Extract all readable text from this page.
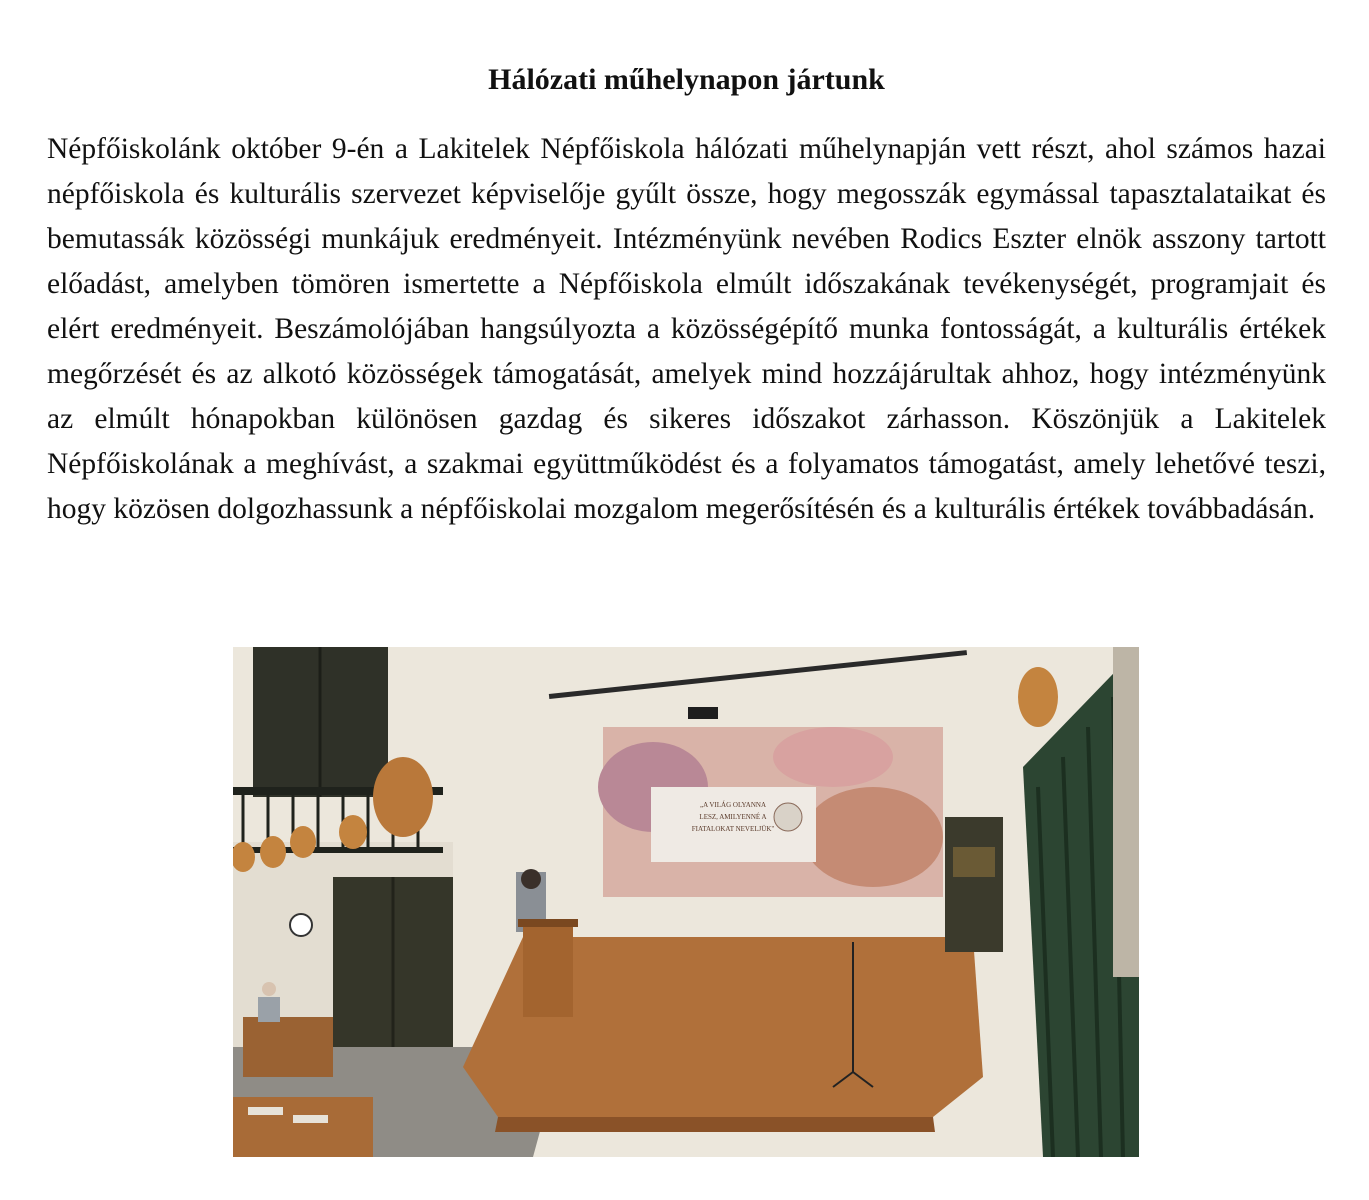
Hálózati műhelynapon jártunk

Népfőiskolánk október 9-én a Lakitelek Népfőiskola hálózati műhelynapján vett részt, ahol számos hazai népfőiskola és kulturális szervezet képviselője gyűlt össze, hogy megosszák egymással tapasztalataikat és bemutassák közösségi munkájuk eredményeit. Intézményünk nevében Rodics Eszter elnök asszony tartott előadást, amelyben tömören ismertette a Népfőiskola elmúlt időszakának tevékenységét, programjait és elért eredményeit. Beszámolójában hangsúlyozta a közösségépítő munka fontosságát, a kulturális értékek megőrzését és az alkotó közösségek támogatását, amelyek mind hozzájárultak ahhoz, hogy intézményünk az elmúlt hónapokban különösen gazdag és sikeres időszakot zárhasson. Köszönjük a Lakitelek Népfőiskolának a meghívást, a szakmai együttműködést és a folyamatos támogatást, amely lehetővé teszi, hogy közösen dolgozhassunk a népfőiskolai mozgalom megerősítésén és a kulturális értékek továbbadásán.

„A VILÁG OLYANNA
LESZ, AMILYENNÉ A
FIATALOKAT NEVELJÜK"
